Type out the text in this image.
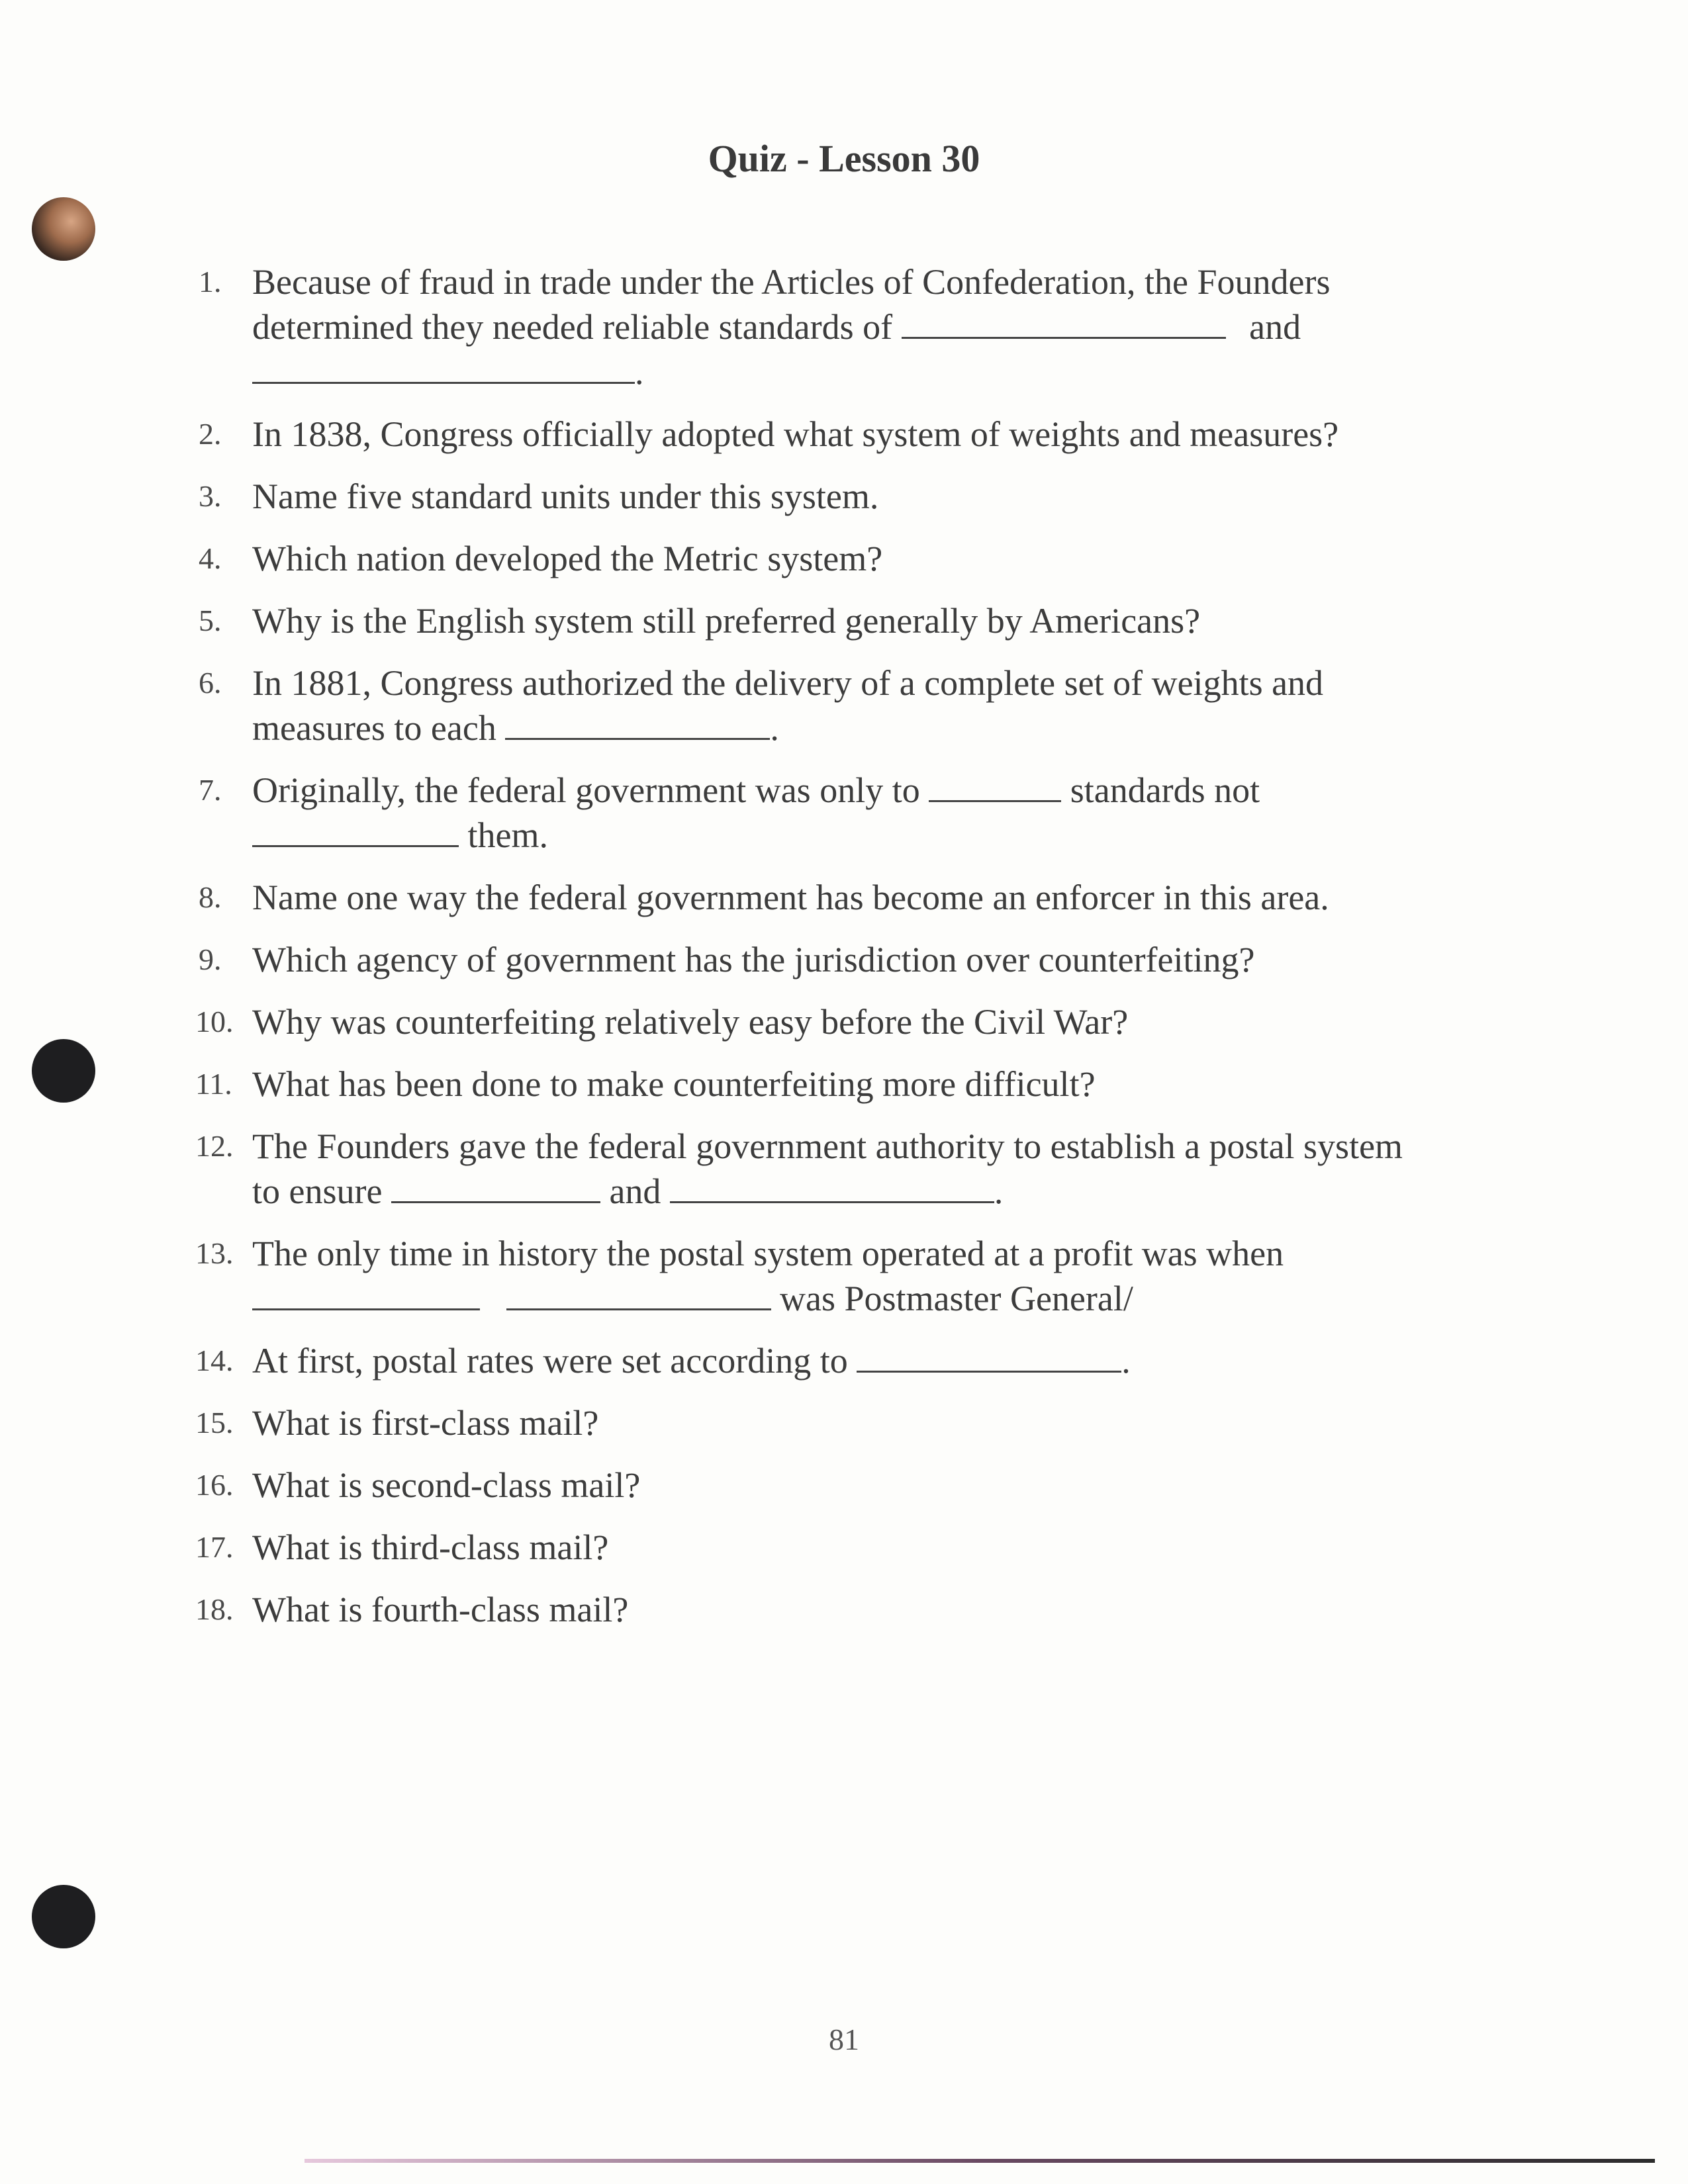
Quiz - Lesson 30
1. Because of fraud in trade under the Articles of Confederation, the Founders
determined they needed reliable standards of	and
.
2. In 1838, Congress officially adopted what system of weights and measures?
3. Name five standard units under this system.
4. Which nation developed the Metric system?
5. Why is the English system still preferred generally by Americans?
6. In 1881, Congress authorized the delivery of a complete set of weights and
measures to each	.
7. Originally, the federal government was only to	standards not
them.
8. Name one way the federal government has become an enforcer in this area.
9. Which agency of government has the jurisdiction over counterfeiting?
10. Why was counterfeiting relatively easy before the Civil War?
11. What has been done to make counterfeiting more difficult?
12. The Founders gave the federal government authority to establish a postal system
to ensure	and	.
13. The only time in history the postal system operated at a profit was when
was Postmaster General/
14. At first, postal rates were set according to	.
15. What is first-class mail?
16. What is second-class mail?
17. What is third-class mail?
18. What is fourth-class mail?
81
